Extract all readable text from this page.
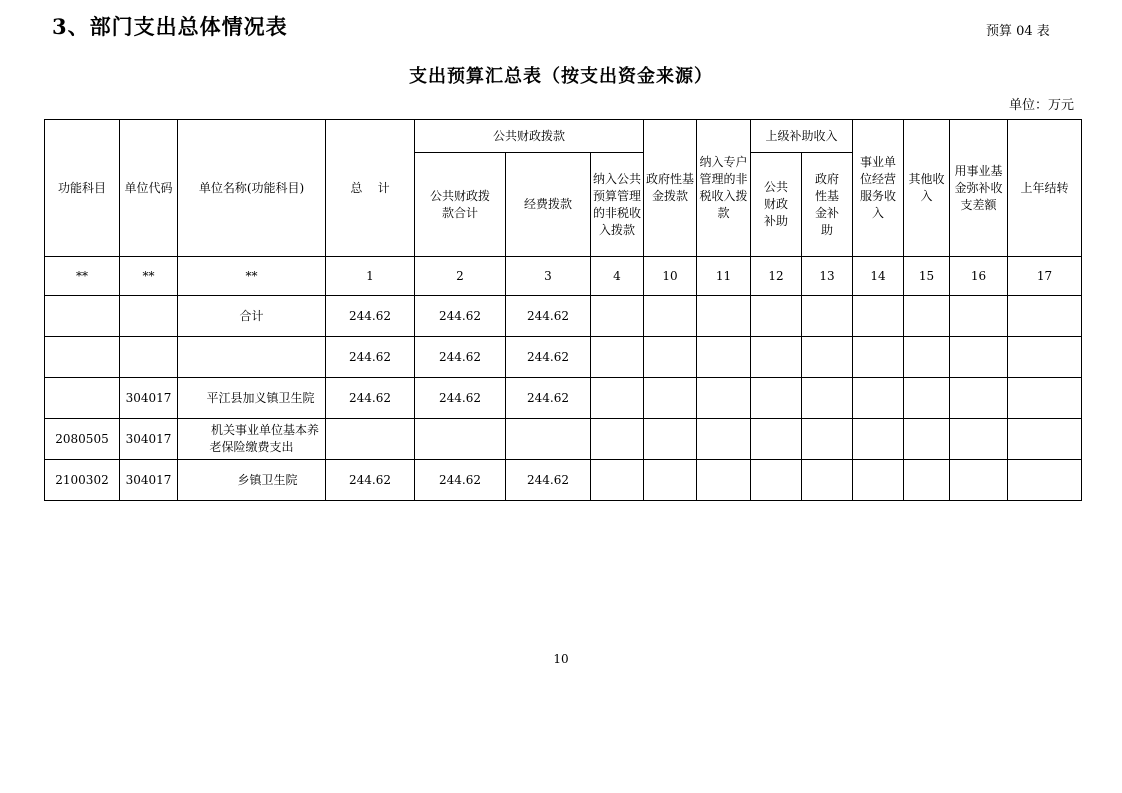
3、部门支出总体情况表	预算 04 表
支出预算汇总表（按支出资金来源）
单位：万元
功能科目	单位代码	单位名称(功能科目)	总    计	公共财政拨款			政府性基金拨款	纳入专户管理的非税收入拨款	上级补助收入		事业单位经营服务收入	其他收入	用事业基金弥补收支差额	上年结转
				公共财政拨款合计	经费拨款	纳入公共预算管理的非税收入拨款			公共财政补助	政府性基金补助				
**	**	**	1	2	3	4	10	11	12	13	14	15	16	17
		合计	244.62	244.62	244.62									
			244.62	244.62	244.62									
	304017	平江县加义镇卫生院	244.62	244.62	244.62									
2080505	304017	机关事业单位基本养老保险缴费支出												
2100302	304017	乡镇卫生院	244.62	244.62	244.62									
10
